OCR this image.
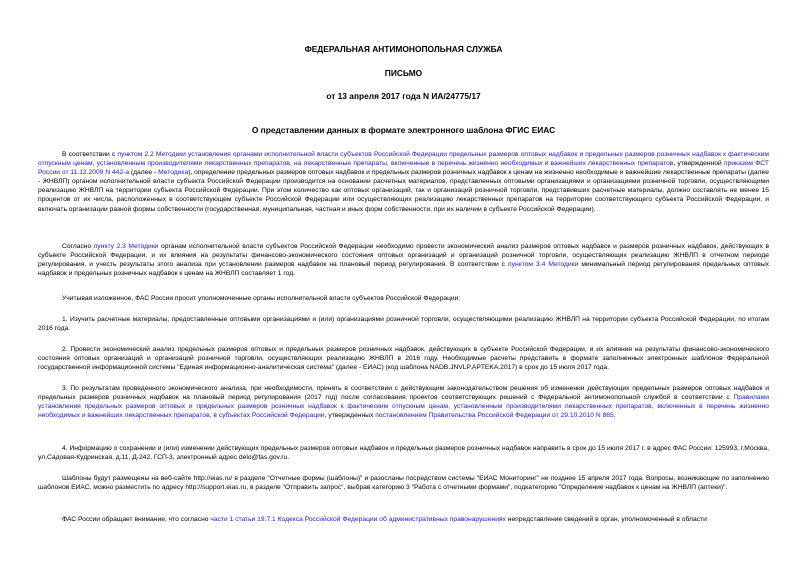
ФЕДЕРАЛЬНАЯ АНТИМОНОПОЛЬНАЯ СЛУЖБА
ПИСЬМО
от 13 апреля 2017 года N ИА/24775/17
О представлении данных в формате электронного шаблона ФГИС ЕИАС

В соответствии с пунктом 2.2 Методики установления органами исполнительной власти субъектов Российской Федерации предельных размеров оптовых надбавок и предельных размеров розничных надбавок к фактическим отпускным ценам, установленным производителями лекарственных препаратов, на лекарственные препараты, включенные в перечень жизненно необходимых и важнейших лекарственных препаратов, утвержденной приказом ФСТ России от 11.12.2009 N 442-а (далее - Методика), определение предельных размеров оптовых надбавок и предельных размеров розничных надбавок к ценам на жизненно необходимые и важнейшие лекарственные препараты (далее - ЖНВЛП) органом исполнительной власти субъекта Российской Федерации производится на основании расчетных материалов, представленных оптовыми организациями и организациями розничной торговли, осуществляющими реализацию ЖНВЛП на территории субъекта Российской Федерации. При этом количество как оптовых организаций, так и организаций розничной торговли, представивших расчетные материалы, должно составлять не менее 15 процентов от их числа, расположенных в соответствующем субъекте Российской Федерации или осуществляющих реализацию лекарственных препаратов на территории соответствующего субъекта Российской Федерации, и включать организации разной формы собственности (государственная, муниципальная, частная и иных форм собственности, при их наличии в субъекте Российской Федерации).

Согласно пункту 2.3 Методики органам исполнительной власти субъектов Российской Федерации необходимо провести экономический анализ размеров оптовых надбавок и размеров розничных надбавок, действующих в субъекте Российской Федерации, и их влияния на результаты финансово-экономического состояния оптовых организаций и организаций розничной торговли, осуществляющих реализацию ЖНВЛП в отчетном периоде регулирования, и учесть результаты этого анализа при установлении размеров надбавок на плановый период регулирования. В соответствии с пунктом 3.4 Методики минимальный период регулирования предельных оптовых надбавок и предельных розничных надбавок к ценам на ЖНВЛП составляет 1 год.

Учитывая изложенное, ФАС России просит уполномоченные органы исполнительной власти субъектов Российской Федерации:

1. Изучить расчетные материалы, предоставленные оптовыми организациями и (или) организациями розничной торговли, осуществляющими реализацию ЖНВЛП на территории субъекта Российской Федерации, по итогам 2016 года.

2. Провести экономический анализ предельных размеров оптовых и предельных размеров розничных надбавок, действующих в субъекте Российской Федерации, и их влияния на результаты финансово-экономического состояния оптовых организаций и организаций розничной торговли, осуществляющих реализацию ЖНВЛП в 2016 году. Необходимые расчеты представить в формате заполненных электронных шаблонов Федеральной государственной информационной системы "Единая информационно-аналитическая система" (далее - ЕИАС) (код шаблона NADB.JNVLP.APTEKA.2017) в срок до 15 июля 2017 года.

3. По результатам проведенного экономического анализа, при необходимости, принять в соответствии с действующим законодательством решения об изменении действующих предельных размеров оптовых надбавок и предельных размеров розничных надбавок на плановый период регулирования (2017 год) после согласования проектов соответствующих решений с Федеральной антимонопольной службой в соответствии с Правилами установления предельных размеров оптовых и предельных размеров розничных надбавок к фактическим отпускным ценам, установленным производителями лекарственных препаратов, включенных в перечень жизненно необходимых и важнейших лекарственных препаратов, в субъектах Российской Федерации, утвержденных постановлением Правительства Российской Федерации от 29.10.2010 N 865.

4. Информацию о сохранении и (или) изменении действующих предельных размеров оптовых надбавок и предельных размеров розничных надбавок направить в срок до 15 июля 2017 г. в адрес ФАС России: 125993, г.Москва, ул.Садовая-Кудринская, д.11, Д-242, ГСП-3, электронный адрес delo@fas.gov.ru.

Шаблоны будут размещены на веб-сайте http://eias.ru/ в разделе "Отчетные формы (шаблоны)" и разосланы посредством системы "ЕИАС Мониторинг" не позднее 15 апреля 2017 года. Вопросы, возникающие по заполнению шаблонов ЕИАС, можно разместить по адресу http://support.eias.ru, в разделе "Отправить запрос", выбрав категорию 3 "Работа с отчетными формами", подкатегорию "Определение надбавок к ценам на ЖНВЛП (аптеки)".

ФАС России обращает внимание, что согласно части 1 статьи 19.7.1 Кодекса Российской Федерации об административных правонарушениях непредставление сведений в орган, уполномоченный в области
